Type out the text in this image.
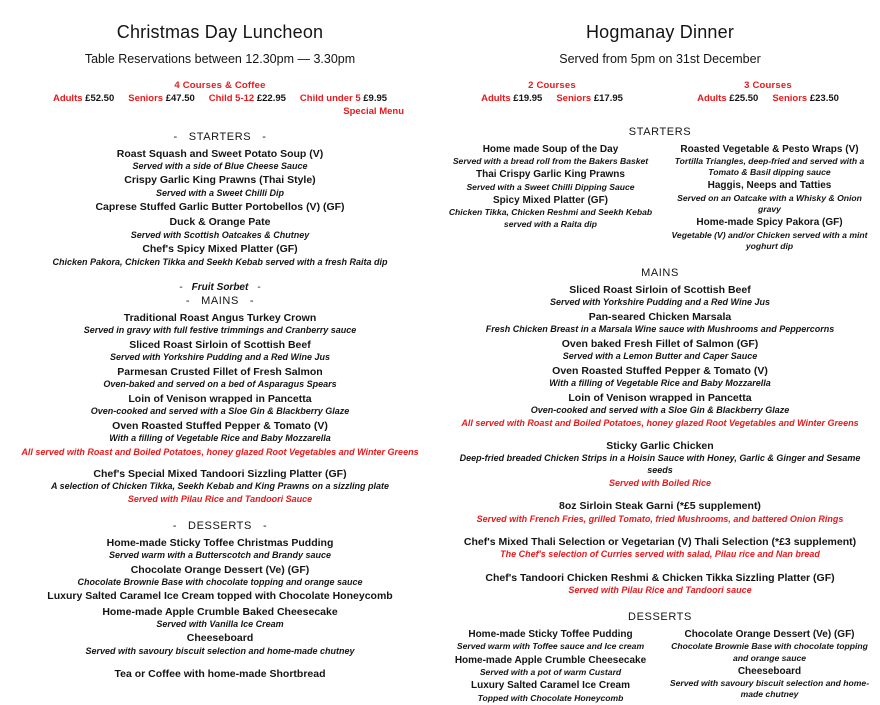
Christmas Day Luncheon
Table Reservations between 12.30pm — 3.30pm
4 Courses & Coffee
Adults £52.50 Seniors £47.50 Child 5-12 £22.95 Child under 5 £9.95
Special Menu
- STARTERS -
Roast Squash and Sweet Potato Soup (V)
Served with a side of Blue Cheese Sauce
Crispy Garlic King Prawns (Thai Style)
Served with a Sweet Chilli Dip
Caprese Stuffed Garlic Butter Portobellos (V) (GF)
Duck & Orange Pate
Served with Scottish Oatcakes & Chutney
Chef's Spicy Mixed Platter (GF)
Chicken Pakora, Chicken Tikka and Seekh Kebab served with a fresh Raita dip
- Fruit Sorbet -
- MAINS -
Traditional Roast Angus Turkey Crown
Served in gravy with full festive trimmings and Cranberry sauce
Sliced Roast Sirloin of Scottish Beef
Served with Yorkshire Pudding and a Red Wine Jus
Parmesan Crusted Fillet of Fresh Salmon
Oven-baked and served on a bed of Asparagus Spears
Loin of Venison wrapped in Pancetta
Oven-cooked and served with a Sloe Gin & Blackberry Glaze
Oven Roasted Stuffed Pepper & Tomato (V)
With a filling of Vegetable Rice and Baby Mozzarella
All served with Roast and Boiled Potatoes, honey glazed Root Vegetables and Winter Greens
Chef's Special Mixed Tandoori Sizzling Platter (GF)
A selection of Chicken Tikka, Seekh Kebab and King Prawns on a sizzling plate
Served with Pilau Rice and Tandoori Sauce
- DESSERTS -
Home-made Sticky Toffee Christmas Pudding
Served warm with a Butterscotch and Brandy sauce
Chocolate Orange Dessert (Ve) (GF)
Chocolate Brownie Base with chocolate topping and orange sauce
Luxury Salted Caramel Ice Cream topped with Chocolate Honeycomb
Home-made Apple Crumble Baked Cheesecake
Served with Vanilla Ice Cream
Cheeseboard
Served with savoury biscuit selection and home-made chutney
Tea or Coffee with home-made Shortbread
Hogmanay Dinner
Served from 5pm on 31st December
2 Courses
Adults £19.95 Seniors £17.95
3 Courses
Adults £25.50 Seniors £23.50
STARTERS
Home made Soup of the Day
Served with a bread roll from the Bakers Basket
Thai Crispy Garlic King Prawns
Served with a Sweet Chilli Dipping Sauce
Spicy Mixed Platter (GF)
Chicken Tikka, Chicken Reshmi and Seekh Kebab served with a Raita dip
Roasted Vegetable & Pesto Wraps (V)
Tortilla Triangles, deep-fried and served with a Tomato & Basil dipping sauce
Haggis, Neeps and Tatties
Served on an Oatcake with a Whisky & Onion gravy
Home-made Spicy Pakora (GF)
Vegetable (V) and/or Chicken served with a mint yoghurt dip
MAINS
Sliced Roast Sirloin of Scottish Beef
Served with Yorkshire Pudding and a Red Wine Jus
Pan-seared Chicken Marsala
Fresh Chicken Breast in a Marsala Wine sauce with Mushrooms and Peppercorns
Oven baked Fresh Fillet of Salmon (GF)
Served with a Lemon Butter and Caper Sauce
Oven Roasted Stuffed Pepper & Tomato (V)
With a filling of Vegetable Rice and Baby Mozzarella
Loin of Venison wrapped in Pancetta
Oven-cooked and served with a Sloe Gin & Blackberry Glaze
All served with Roast and Boiled Potatoes, honey glazed Root Vegetables and Winter Greens
Sticky Garlic Chicken
Deep-fried breaded Chicken Strips in a Hoisin Sauce with Honey, Garlic & Ginger and Sesame seeds
Served with Boiled Rice
8oz Sirloin Steak Garni (*£5 supplement)
Served with French Fries, grilled Tomato, fried Mushrooms, and battered Onion Rings
Chef's Mixed Thali Selection or Vegetarian (V) Thali Selection (*£3 supplement)
The Chef's selection of Curries served with salad, Pilau rice and Nan bread
Chef's Tandoori Chicken Reshmi & Chicken Tikka Sizzling Platter (GF)
Served with Pilau Rice and Tandoori sauce
DESSERTS
Home-made Sticky Toffee Pudding
Served warm with Toffee sauce and Ice cream
Home-made Apple Crumble Cheesecake
Served with a pot of warm Custard
Luxury Salted Caramel Ice Cream
Topped with Chocolate Honeycomb
Chocolate Orange Dessert (Ve) (GF)
Chocolate Brownie Base with chocolate topping and orange sauce
Cheeseboard
Served with savoury biscuit selection and home-made chutney
